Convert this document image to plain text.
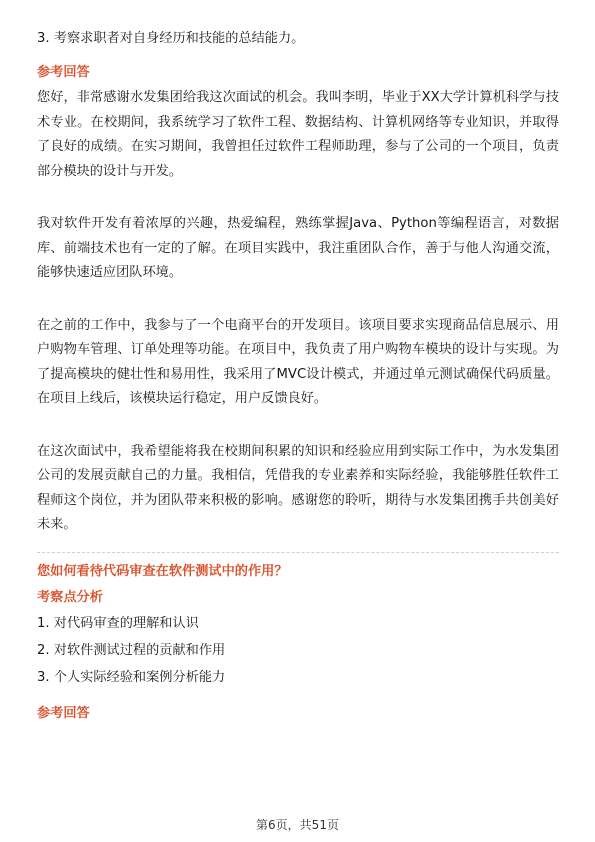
3. 考察求职者对自身经历和技能的总结能力。
参考回答
您好，非常感谢水发集团给我这次面试的机会。我叫李明，毕业于XX大学计算机科学与技术专业。在校期间，我系统学习了软件工程、数据结构、计算机网络等专业知识，并取得了良好的成绩。在实习期间，我曾担任过软件工程师助理，参与了公司的一个项目，负责部分模块的设计与开发。
我对软件开发有着浓厚的兴趣，热爱编程，熟练掌握Java、Python等编程语言，对数据库、前端技术也有一定的了解。在项目实践中，我注重团队合作，善于与他人沟通交流，能够快速适应团队环境。
在之前的工作中，我参与了一个电商平台的开发项目。该项目要求实现商品信息展示、用户购物车管理、订单处理等功能。在项目中，我负责了用户购物车模块的设计与实现。为了提高模块的健壮性和易用性，我采用了MVC设计模式，并通过单元测试确保代码质量。在项目上线后，该模块运行稳定，用户反馈良好。
在这次面试中，我希望能将我在校期间积累的知识和经验应用到实际工作中，为水发集团公司的发展贡献自己的力量。我相信，凭借我的专业素养和实际经验，我能够胜任软件工程师这个岗位，并为团队带来积极的影响。感谢您的聆听，期待与水发集团携手共创美好未来。
您如何看待代码审查在软件测试中的作用？
考察点分析
1. 对代码审查的理解和认识
2. 对软件测试过程的贡献和作用
3. 个人实际经验和案例分析能力
参考回答
第6页，共51页
